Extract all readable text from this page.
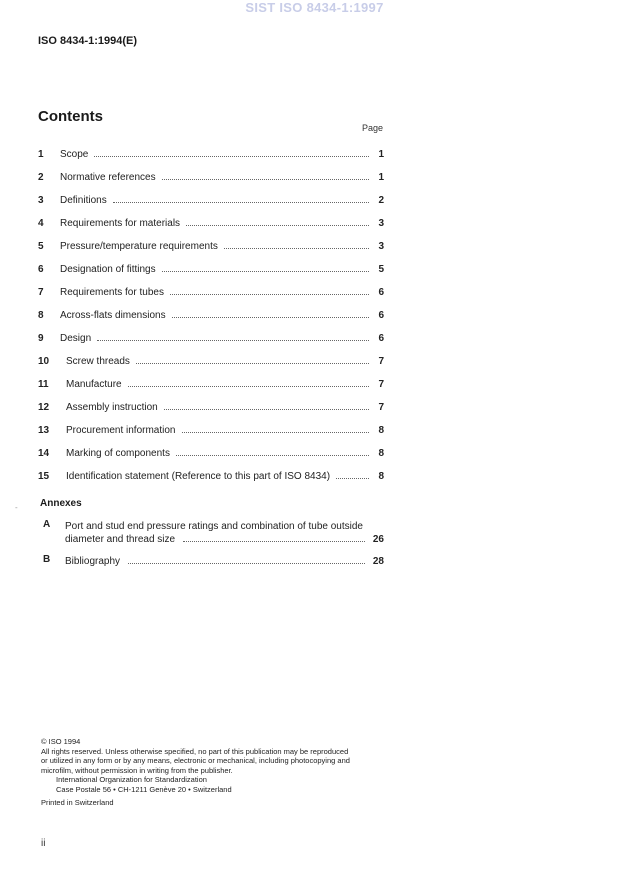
SIST ISO 8434-1:1997
ISO 8434-1:1994(E)
Contents
Page
1	Scope	1
2	Normative references	1
3	Definitions	2
4	Requirements for materials	3
5	Pressure/temperature requirements	3
6	Designation of fittings	5
7	Requirements for tubes	6
8	Across-flats dimensions	6
9	Design	6
10	Screw threads	7
11	Manufacture	7
12	Assembly instruction	7
13	Procurement information	8
14	Marking of components	8
15	Identification statement (Reference to this part of ISO 8434)	8
- Annexes
A Port and stud end pressure ratings and combination of tube outside
diameter and thread size	26
B Bibliography	28
© ISO 1994
All rights reserved. Unless otherwise specified, no part of this publication may be reproduced
or utilized in any form or by any means, electronic or mechanical, including photocopying and
microfilm, without permission in writing from the publisher.
International Organization for Standardization
Case Postale 56 • CH-1211 Genève 20 • Switzerland
Printed in Switzerland
ii
